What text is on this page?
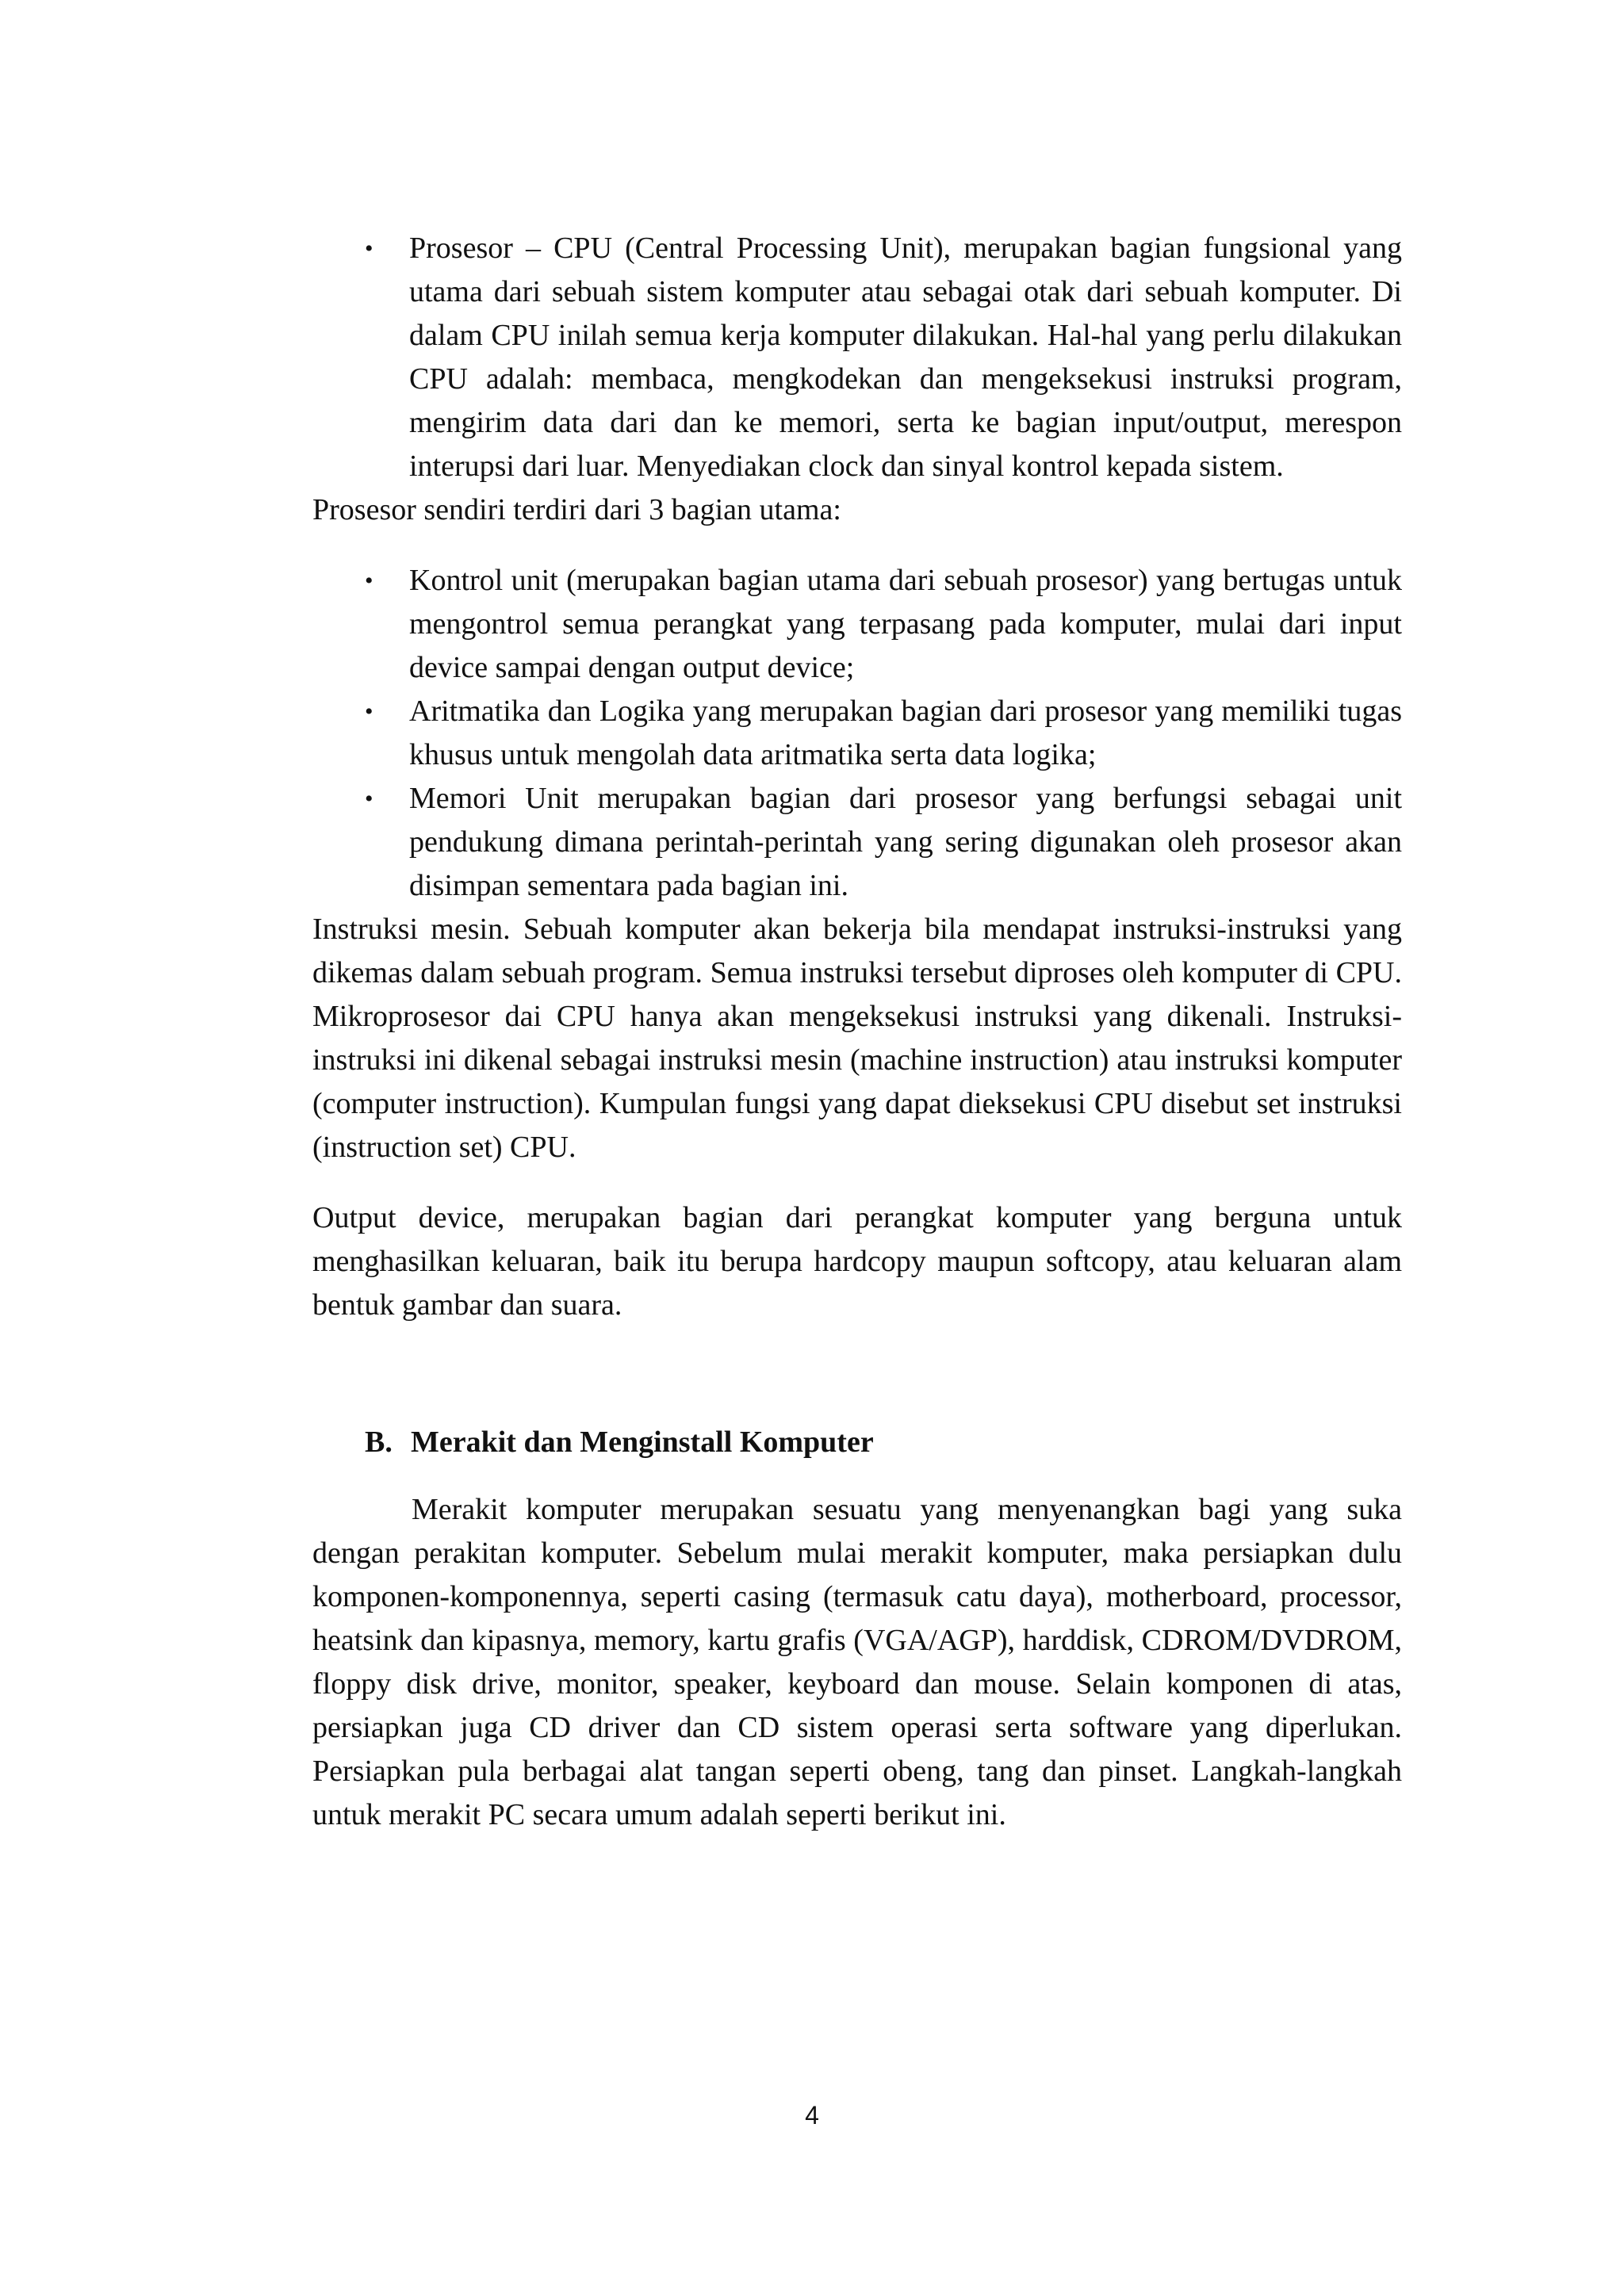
• Prosesor – CPU (Central Processing Unit), merupakan bagian fungsional yang utama dari sebuah sistem komputer atau sebagai otak dari sebuah komputer. Di dalam CPU inilah semua kerja komputer dilakukan. Hal-hal yang perlu dilakukan CPU adalah: membaca, mengkodekan dan mengeksekusi instruksi program, mengirim data dari dan ke memori, serta ke bagian input/output, merespon interupsi dari luar. Menyediakan clock dan sinyal kontrol kepada sistem.

Prosesor sendiri terdiri dari 3 bagian utama:

• Kontrol unit (merupakan bagian utama dari sebuah prosesor) yang bertugas untuk mengontrol semua perangkat yang terpasang pada komputer, mulai dari input device sampai dengan output device;
• Aritmatika dan Logika yang merupakan bagian dari prosesor yang memiliki tugas khusus untuk mengolah data aritmatika serta data logika;
• Memori Unit merupakan bagian dari prosesor yang berfungsi sebagai unit pendukung dimana perintah-perintah yang sering digunakan oleh prosesor akan disimpan sementara pada bagian ini.

Instruksi mesin. Sebuah komputer akan bekerja bila mendapat instruksi-instruksi yang dikemas dalam sebuah program. Semua instruksi tersebut diproses oleh komputer di CPU. Mikroprosesor dai CPU hanya akan mengeksekusi instruksi yang dikenali. Instruksi-instruksi ini dikenal sebagai instruksi mesin (machine instruction) atau instruksi komputer (computer instruction). Kumpulan fungsi yang dapat dieksekusi CPU disebut set instruksi (instruction set) CPU.

Output device, merupakan bagian dari perangkat komputer yang berguna untuk menghasilkan keluaran, baik itu berupa hardcopy maupun softcopy, atau keluaran alam bentuk gambar dan suara.

B. Merakit dan Menginstall Komputer

Merakit komputer merupakan sesuatu yang menyenangkan bagi yang suka dengan perakitan komputer. Sebelum mulai merakit komputer, maka persiapkan dulu komponen-komponennya, seperti casing (termasuk catu daya), motherboard, processor, heatsink dan kipasnya, memory, kartu grafis (VGA/AGP), harddisk, CDROM/DVDROM, floppy disk drive, monitor, speaker, keyboard dan mouse. Selain komponen di atas, persiapkan juga CD driver dan CD sistem operasi serta software yang diperlukan. Persiapkan pula berbagai alat tangan seperti obeng, tang dan pinset. Langkah-langkah untuk merakit PC secara umum adalah seperti berikut ini.

4
